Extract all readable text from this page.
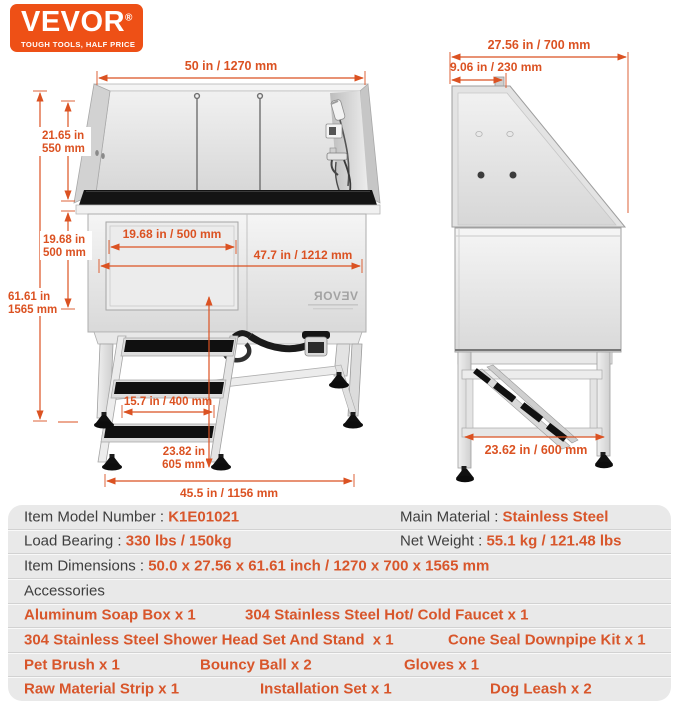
VEVOR®
TOUGH TOOLS, HALF PRICE
VEVOR
50 in / 1270 mm
61.61 in
1565 mm
21.65 in
550 mm
19.68 in
500 mm
19.68 in / 500 mm
47.7 in / 1212 mm
15.7 in / 400 mm
23.82 in
605 mm
45.5 in / 1156 mm
27.56 in / 700 mm
9.06 in / 230 mm
23.62 in / 600 mm
Item Model Number : K1E01021	Main Material : Stainless Steel
Load Bearing : 330 lbs / 150kg	Net Weight : 55.1 kg / 121.48 lbs
Item Dimensions : 50.0 x 27.56 x 61.61 inch / 1270 x 700 x 1565 mm
Accessories
Aluminum Soap Box x 1	304 Stainless Steel Hot/ Cold Faucet x 1
304 Stainless Steel Shower Head Set And Stand  x 1	Cone Seal Downpipe Kit x 1
Pet Brush x 1	Bouncy Ball x 2	Gloves x 1
Raw Material Strip x 1	Installation Set x 1	Dog Leash x 2
